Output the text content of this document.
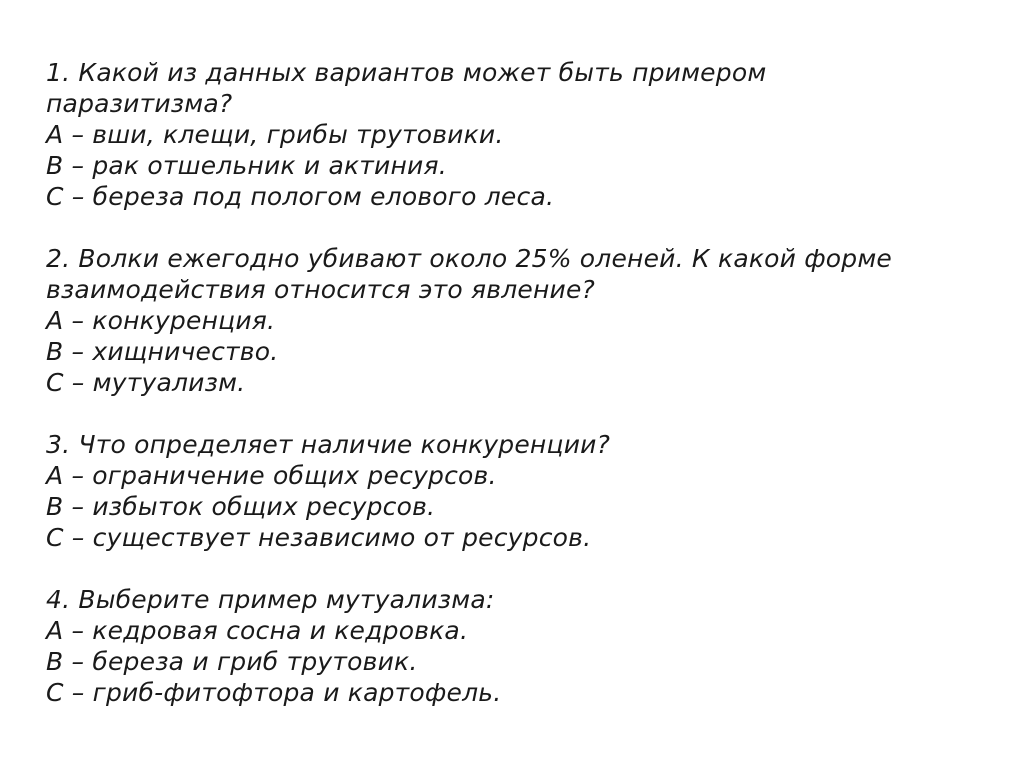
1. Какой из данных вариантов может быть примером
паразитизма?
А – вши, клещи, грибы трутовики.
В – рак отшельник и актиния.
С – береза под пологом елового леса.
2. Волки ежегодно убивают около 25% оленей. К какой форме
взаимодействия относится это явление?
А – конкуренция.
В – хищничество.
С – мутуализм.
3. Что определяет наличие конкуренции?
А – ограничение общих ресурсов.
В – избыток общих ресурсов.
С – существует независимо от ресурсов.
4. Выберите пример мутуализма:
А – кедровая сосна и кедровка.
В – береза и гриб трутовик.
С – гриб-фитофтора и картофель.
